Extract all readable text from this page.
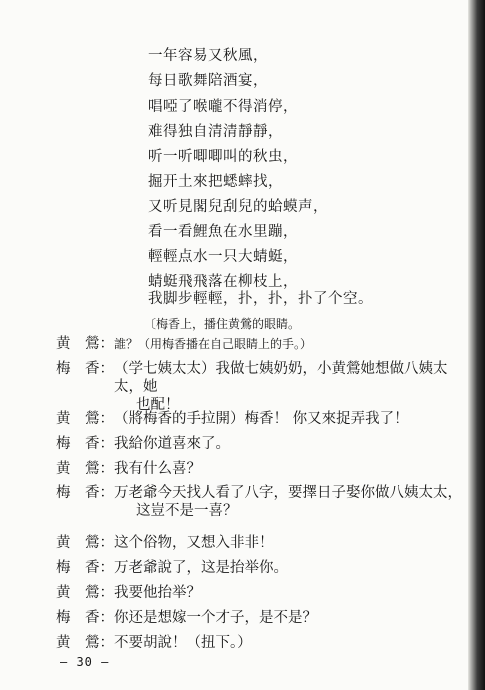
一年容易又秋風，
每日歌舞陪酒宴，
唱啞了喉嚨不得消停，
难得独自清清靜靜，
听一听唧唧叫的秋虫，
掘开土來把蟋蟀找，
又听見閣兒刮兒的蛤蟆声，
看一看鯉魚在水里蹦，
輕輕点水一只大蜻蜓，
蜻蜓飛飛落在柳枝上，
我脚步輕輕，扑，扑，扑了个空。
〔梅香上，播住黄鶯的眼睛。
黄	鶯： 誰？（用梅香播在自己眼睛上的手。）
梅	香： （学七姨太太）我做七姨奶奶，小黄鶯她想做八姨太太，她
也配！
黄	鶯： （將梅香的手拉開）梅香！ 你又來捉弄我了！
梅	香： 我給你道喜來了。
黄	鶯： 我有什么喜？
梅	香： 万老爺今天找人看了八字，要擇日子娶你做八姨太太，
这豈不是一喜？
黄	鶯： 这个俗物，又想入非非！
梅	香： 万老爺說了，这是抬举你。
黄	鶯： 我要他抬举？
梅	香： 你还是想嫁一个才子，是不是？
黄	鶯： 不要胡說！（扭下。）
— 30 —
